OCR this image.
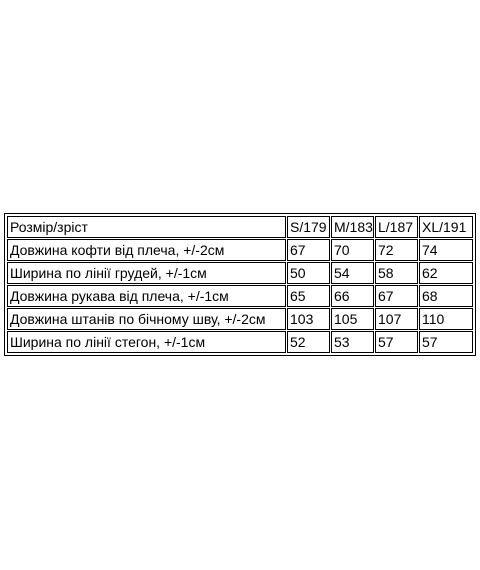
Розмір/зріст	S/179	M/183	L/187	XL/191
Довжина кофти від плеча, +/-2см	67	70	72	74
Ширина по лінії грудей, +/-1см	50	54	58	62
Довжина рукава від плеча, +/-1см	65	66	67	68
Довжина штанів по бічному шву, +/-2см	103	105	107	110
Ширина по лінії стегон, +/-1см	52	53	57	57
